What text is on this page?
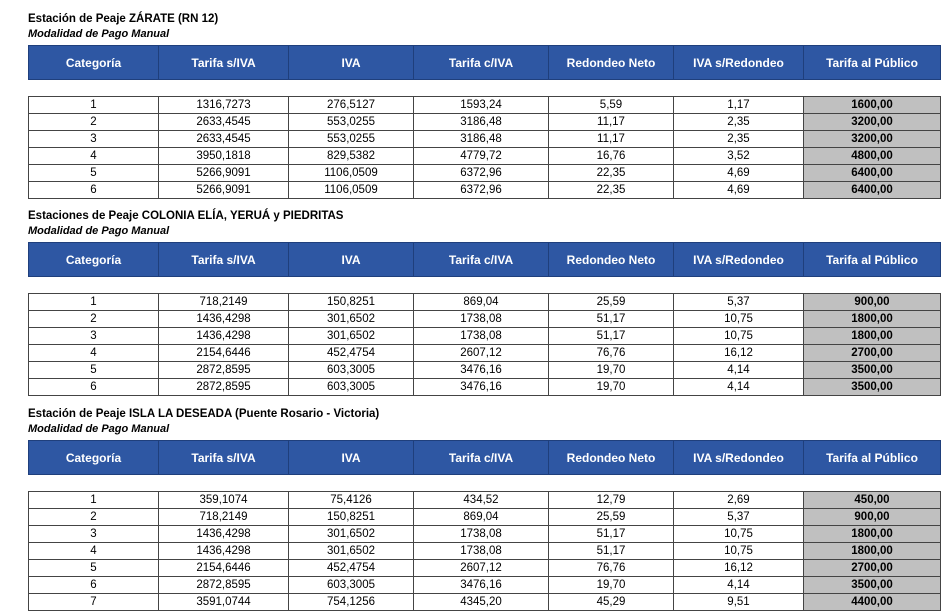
Estación de Peaje ZÁRATE (RN 12)
Modalidad de Pago Manual
Categoría	Tarifa s/IVA	IVA	Tarifa c/IVA	Redondeo Neto	IVA s/Redondeo	Tarifa al Público

1	1316,7273	276,5127	1593,24	5,59	1,17	1600,00
2	2633,4545	553,0255	3186,48	11,17	2,35	3200,00
3	2633,4545	553,0255	3186,48	11,17	2,35	3200,00
4	3950,1818	829,5382	4779,72	16,76	3,52	4800,00
5	5266,9091	1106,0509	6372,96	22,35	4,69	6400,00
6	5266,9091	1106,0509	6372,96	22,35	4,69	6400,00
Estaciones de Peaje COLONIA ELÍA, YERUÁ y PIEDRITAS
Modalidad de Pago Manual
Categoría	Tarifa s/IVA	IVA	Tarifa c/IVA	Redondeo Neto	IVA s/Redondeo	Tarifa al Público

1	718,2149	150,8251	869,04	25,59	5,37	900,00
2	1436,4298	301,6502	1738,08	51,17	10,75	1800,00
3	1436,4298	301,6502	1738,08	51,17	10,75	1800,00
4	2154,6446	452,4754	2607,12	76,76	16,12	2700,00
5	2872,8595	603,3005	3476,16	19,70	4,14	3500,00
6	2872,8595	603,3005	3476,16	19,70	4,14	3500,00
Estación de Peaje ISLA LA DESEADA (Puente Rosario - Victoria)
Modalidad de Pago Manual
Categoría	Tarifa s/IVA	IVA	Tarifa c/IVA	Redondeo Neto	IVA s/Redondeo	Tarifa al Público

1	359,1074	75,4126	434,52	12,79	2,69	450,00
2	718,2149	150,8251	869,04	25,59	5,37	900,00
3	1436,4298	301,6502	1738,08	51,17	10,75	1800,00
4	1436,4298	301,6502	1738,08	51,17	10,75	1800,00
5	2154,6446	452,4754	2607,12	76,76	16,12	2700,00
6	2872,8595	603,3005	3476,16	19,70	4,14	3500,00
7	3591,0744	754,1256	4345,20	45,29	9,51	4400,00
